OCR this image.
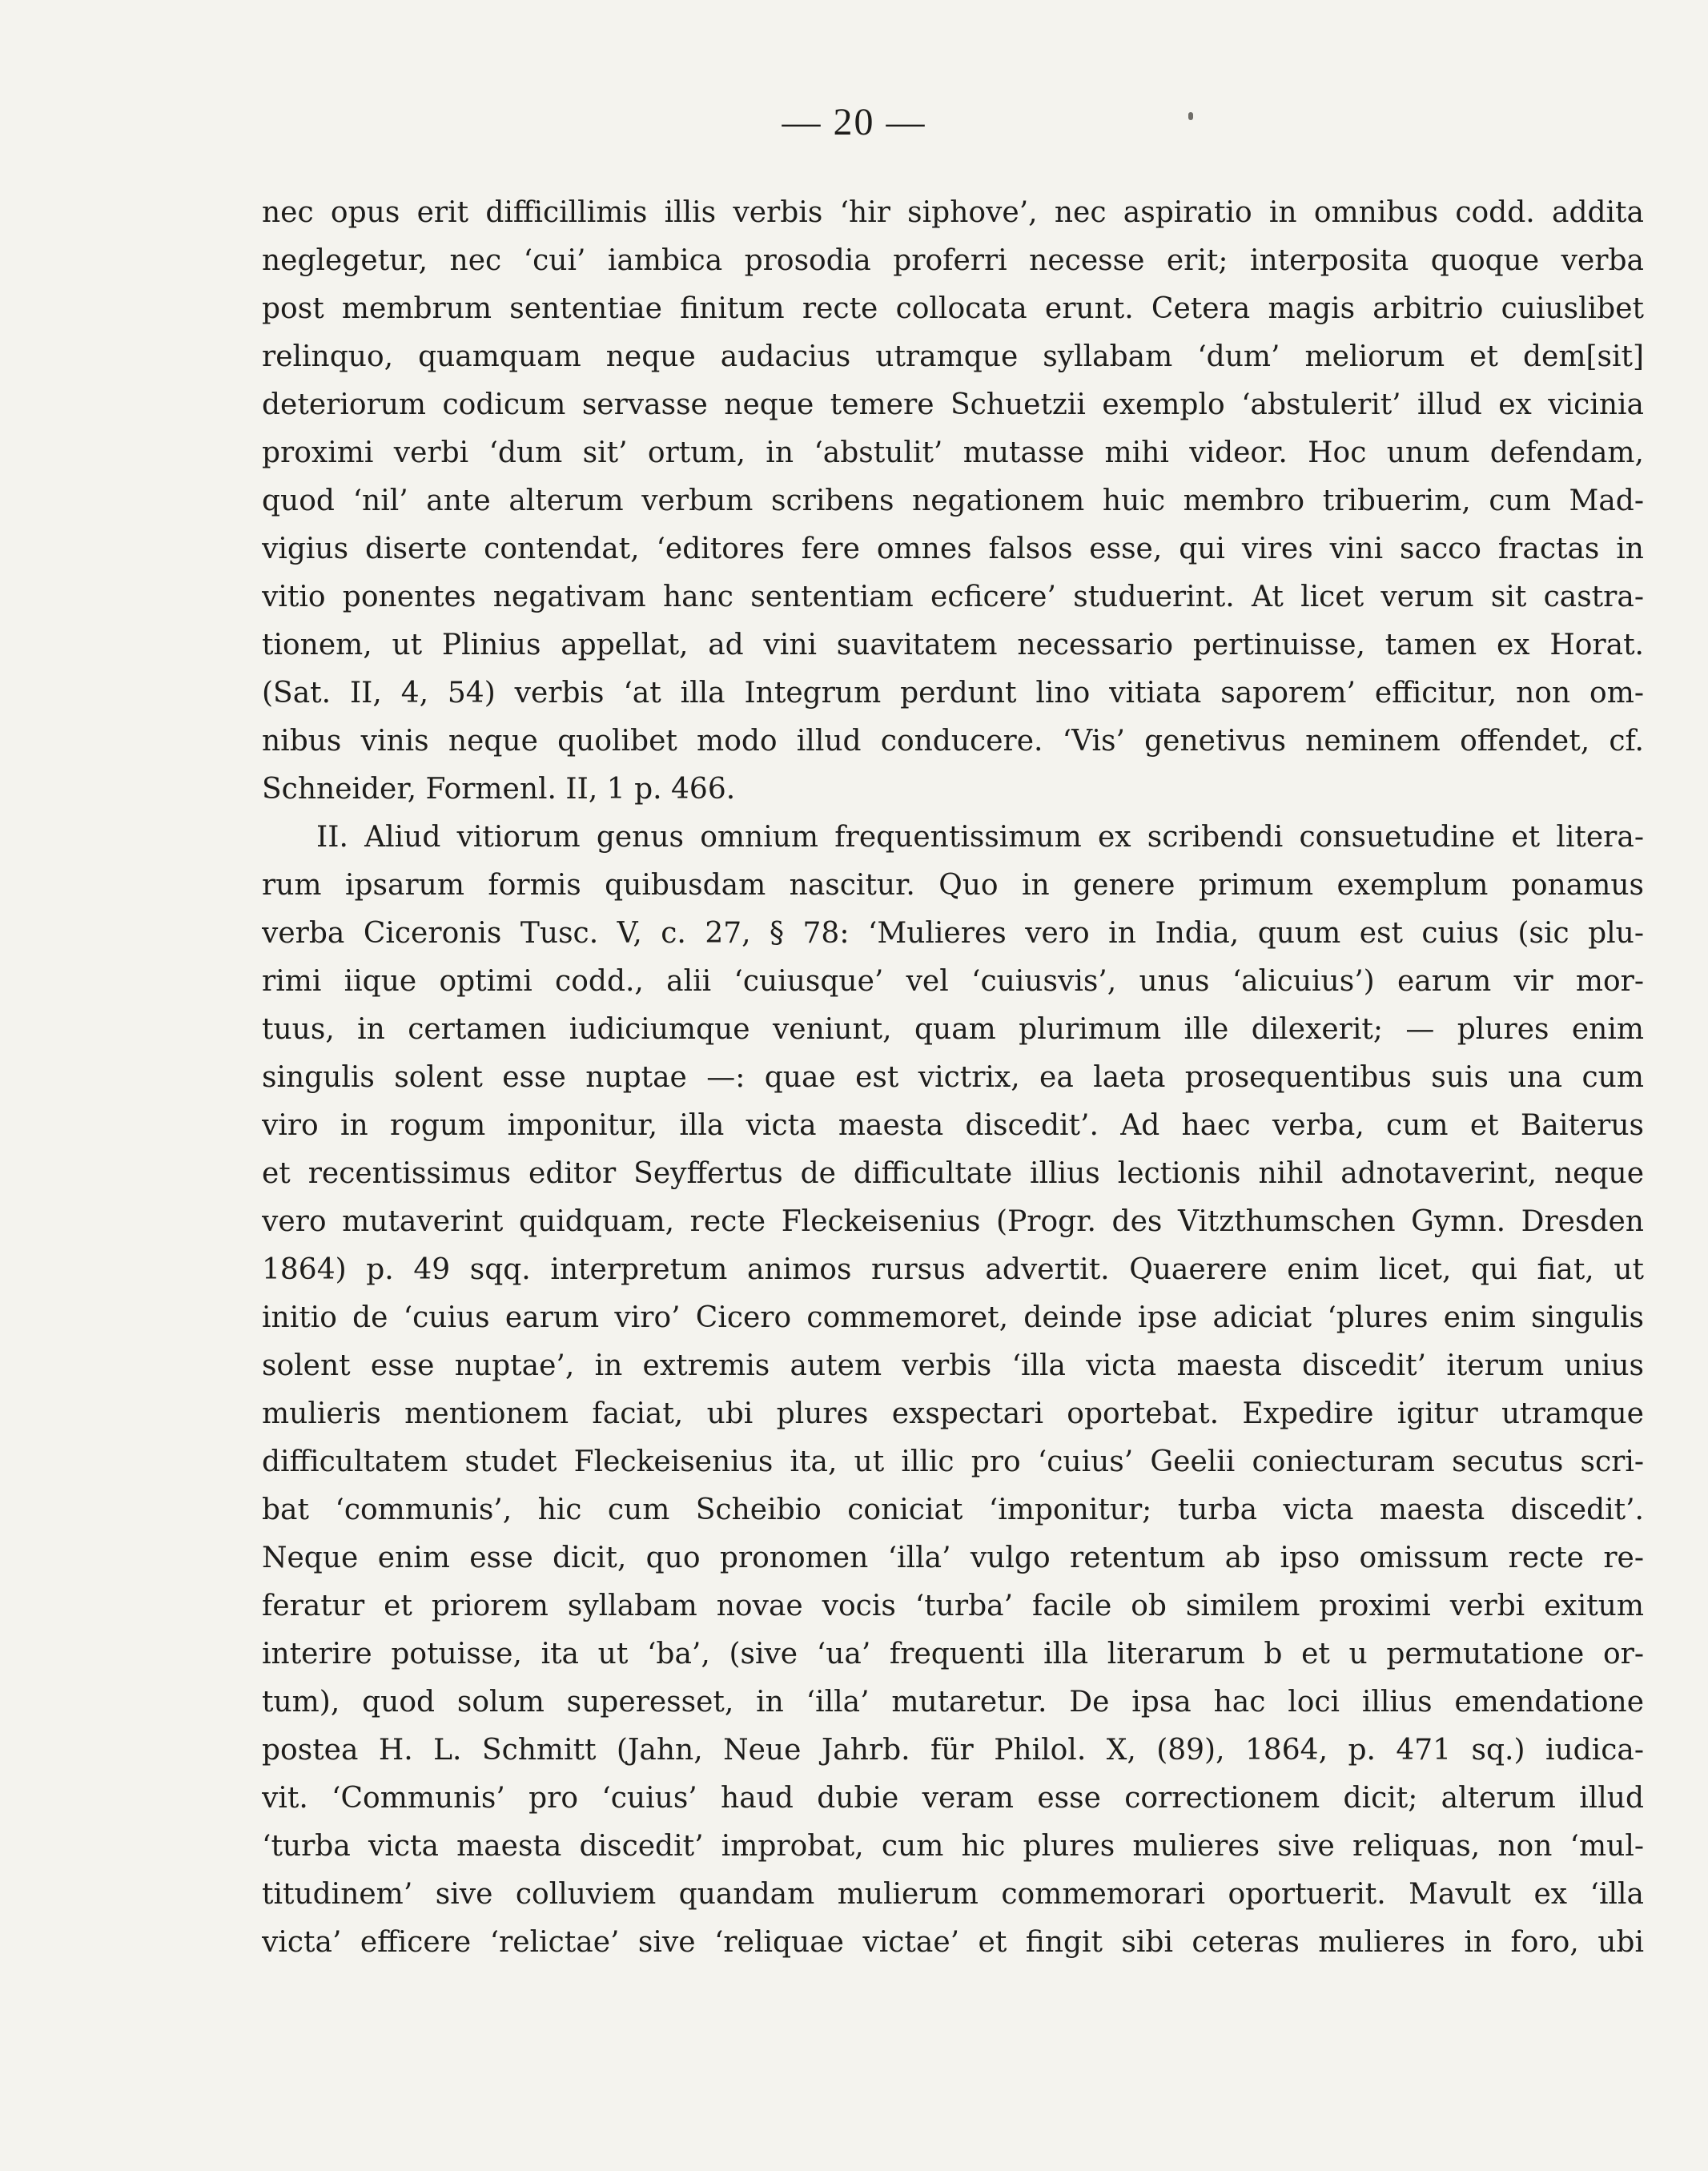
— 20 —
nec opus erit difficillimis illis verbis ‘hir siphove’, nec aspiratio in omnibus codd. addita
neglegetur, nec ‘cui’ iambica prosodia proferri necesse erit; interposita quoque verba
post membrum sententiae finitum recte collocata erunt. Cetera magis arbitrio cuiuslibet
relinquo, quamquam neque audacius utramque syllabam ‘dum’ meliorum et dem[sit]
deteriorum codicum servasse neque temere Schuetzii exemplo ‘abstulerit’ illud ex vicinia
proximi verbi ‘dum sit’ ortum, in ‘abstulit’ mutasse mihi videor. Hoc unum defendam,
quod ‘nil’ ante alterum verbum scribens negationem huic membro tribuerim, cum Mad-
vigius diserte contendat, ‘editores fere omnes falsos esse, qui vires vini sacco fractas in
vitio ponentes negativam hanc sententiam ecficere’ studuerint. At licet verum sit castra-
tionem, ut Plinius appellat, ad vini suavitatem necessario pertinuisse, tamen ex Horat.
(Sat. II, 4, 54) verbis ‘at illa Integrum perdunt lino vitiata saporem’ efficitur, non om-
nibus vinis neque quolibet modo illud conducere. ‘Vis’ genetivus neminem offendet, cf.
Schneider, Formenl. II, 1 p. 466.
II. Aliud vitiorum genus omnium frequentissimum ex scribendi consuetudine et litera-
rum ipsarum formis quibusdam nascitur. Quo in genere primum exemplum ponamus
verba Ciceronis Tusc. V, c. 27, § 78: ‘Mulieres vero in India, quum est cuius (sic plu-
rimi iique optimi codd., alii ‘cuiusque’ vel ‘cuiusvis’, unus ‘alicuius’) earum vir mor-
tuus, in certamen iudiciumque veniunt, quam plurimum ille dilexerit; — plures enim
singulis solent esse nuptae —: quae est victrix, ea laeta prosequentibus suis una cum
viro in rogum imponitur, illa victa maesta discedit’. Ad haec verba, cum et Baiterus
et recentissimus editor Seyffertus de difficultate illius lectionis nihil adnotaverint, neque
vero mutaverint quidquam, recte Fleckeisenius (Progr. des Vitzthumschen Gymn. Dresden
1864) p. 49 sqq. interpretum animos rursus advertit. Quaerere enim licet, qui fiat, ut
initio de ‘cuius earum viro’ Cicero commemoret, deinde ipse adiciat ‘plures enim singulis
solent esse nuptae’, in extremis autem verbis ‘illa victa maesta discedit’ iterum unius
mulieris mentionem faciat, ubi plures exspectari oportebat. Expedire igitur utramque
difficultatem studet Fleckeisenius ita, ut illic pro ‘cuius’ Geelii coniecturam secutus scri-
bat ‘communis’, hic cum Scheibio coniciat ‘imponitur; turba victa maesta discedit’.
Neque enim esse dicit, quo pronomen ‘illa’ vulgo retentum ab ipso omissum recte re-
feratur et priorem syllabam novae vocis ‘turba’ facile ob similem proximi verbi exitum
interire potuisse, ita ut ‘ba’, (sive ‘ua’ frequenti illa literarum b et u permutatione or-
tum), quod solum superesset, in ‘illa’ mutaretur. De ipsa hac loci illius emendatione
postea H. L. Schmitt (Jahn, Neue Jahrb. für Philol. X, (89), 1864, p. 471 sq.) iudica-
vit. ‘Communis’ pro ‘cuius’ haud dubie veram esse correctionem dicit; alterum illud
‘turba victa maesta discedit’ improbat, cum hic plures mulieres sive reliquas, non ‘mul-
titudinem’ sive colluviem quandam mulierum commemorari oportuerit. Mavult ex ‘illa
victa’ efficere ‘relictae’ sive ‘reliquae victae’ et fingit sibi ceteras mulieres in foro, ubi
